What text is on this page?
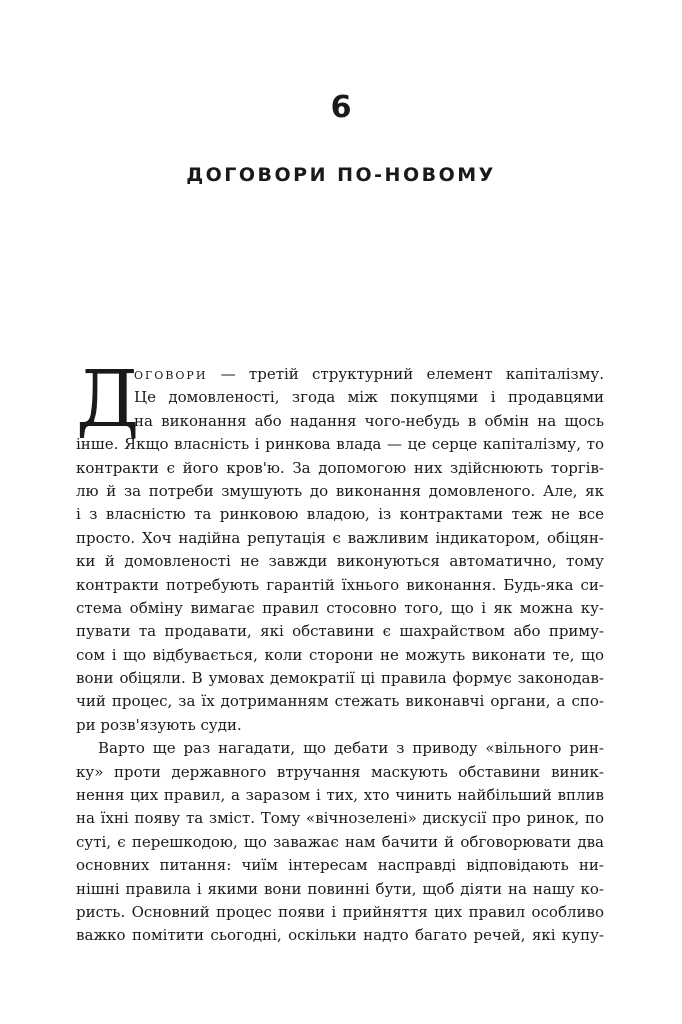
6
ДОГОВОРИ ПО-НОВОМУ
Д
оговори — третій структурний елемент капіталізму.
Це домовленості, згода між покупцями і продавцями
на виконання або надання чого-небудь в обмін на щось
інше. Якщо власність і ринкова влада — це серце капіталізму, то
контракти є його кров'ю. За допомогою них здійснюють торгів-
лю й за потреби змушують до виконання домовленого. Але, як
і з власністю та ринковою владою, із контрактами теж не все
просто. Хоч надійна репутація є важливим індикатором, обіцян-
ки й домовленості не завжди виконуються автоматично, тому
контракти потребують гарантій їхнього виконання. Будь-яка си-
стема обміну вимагає правил стосовно того, що і як можна ку-
пувати та продавати, які обставини є шахрайством або приму-
сом і що відбувається, коли сторони не можуть виконати те, що
вони обіцяли. В умовах демократії ці правила формує законодав-
чий процес, за їх дотриманням стежать виконавчі органи, а спо-
ри розв'язують суди.
Варто ще раз нагадати, що дебати з приводу «вільного рин-
ку» проти державного втручання маскують обставини виник-
нення цих правил, а заразом і тих, хто чинить найбільший вплив
на їхні появу та зміст. Тому «вічнозелені» дискусії про ринок, по
суті, є перешкодою, що заважає нам бачити й обговорювати два
основних питання: чиїм інтересам насправді відповідають ни-
нішні правила і якими вони повинні бути, щоб діяти на нашу ко-
ристь. Основний процес появи і прийняття цих правил особливо
важко помітити сьогодні, оскільки надто багато речей, які купу-
